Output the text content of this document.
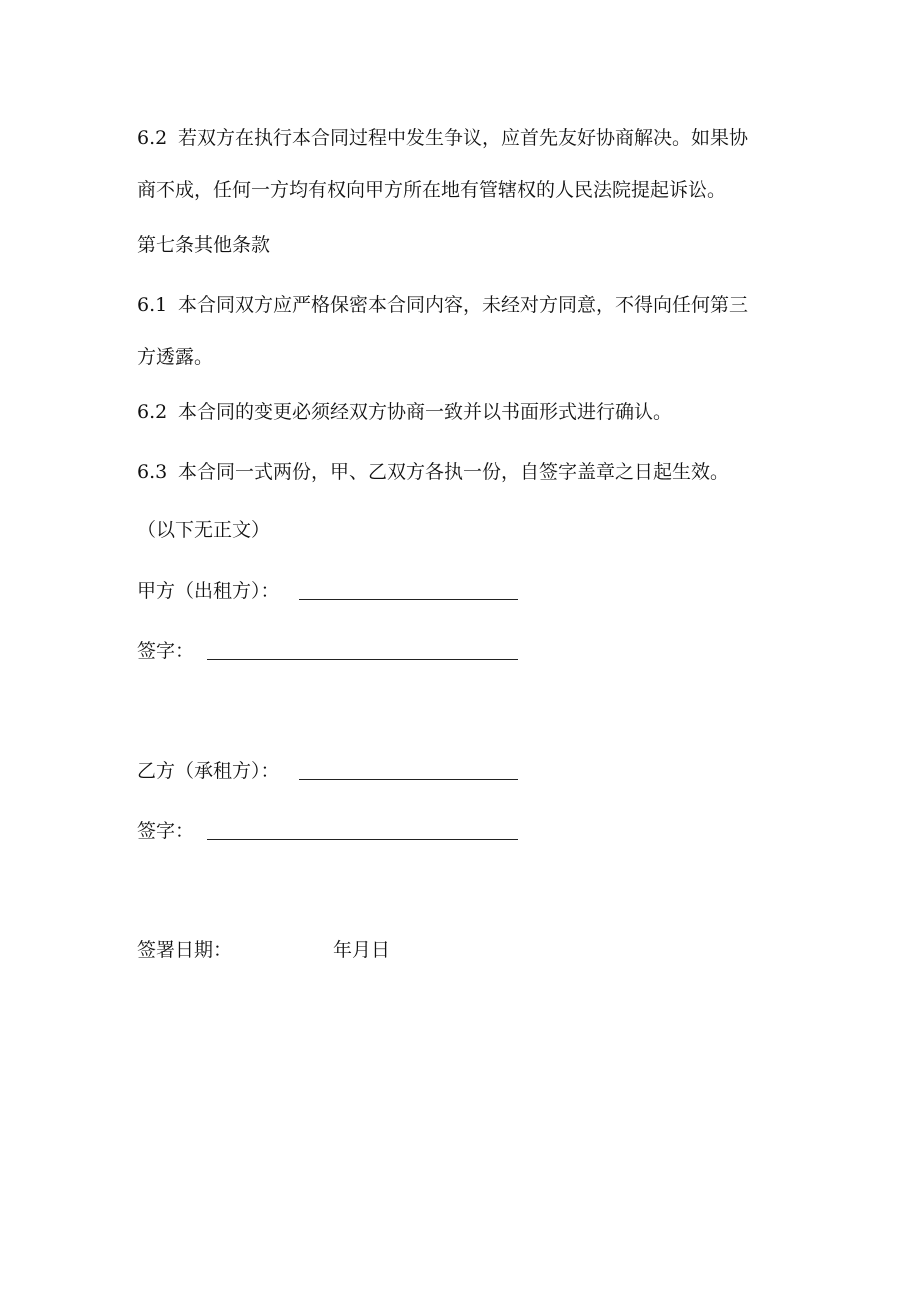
6.2 若双方在执行本合同过程中发生争议，应首先友好协商解决。如果协
商不成，任何一方均有权向甲方所在地有管辖权的人民法院提起诉讼。
第七条其他条款
6.1 本合同双方应严格保密本合同内容，未经对方同意，不得向任何第三
方透露。
6.2 本合同的变更必须经双方协商一致并以书面形式进行确认。
6.3 本合同一式两份，甲、乙双方各执一份，自签字盖章之日起生效。
（以下无正文）
甲方（出租方）：
签字：
乙方（承租方）：
签字：
签署日期：	年月日
